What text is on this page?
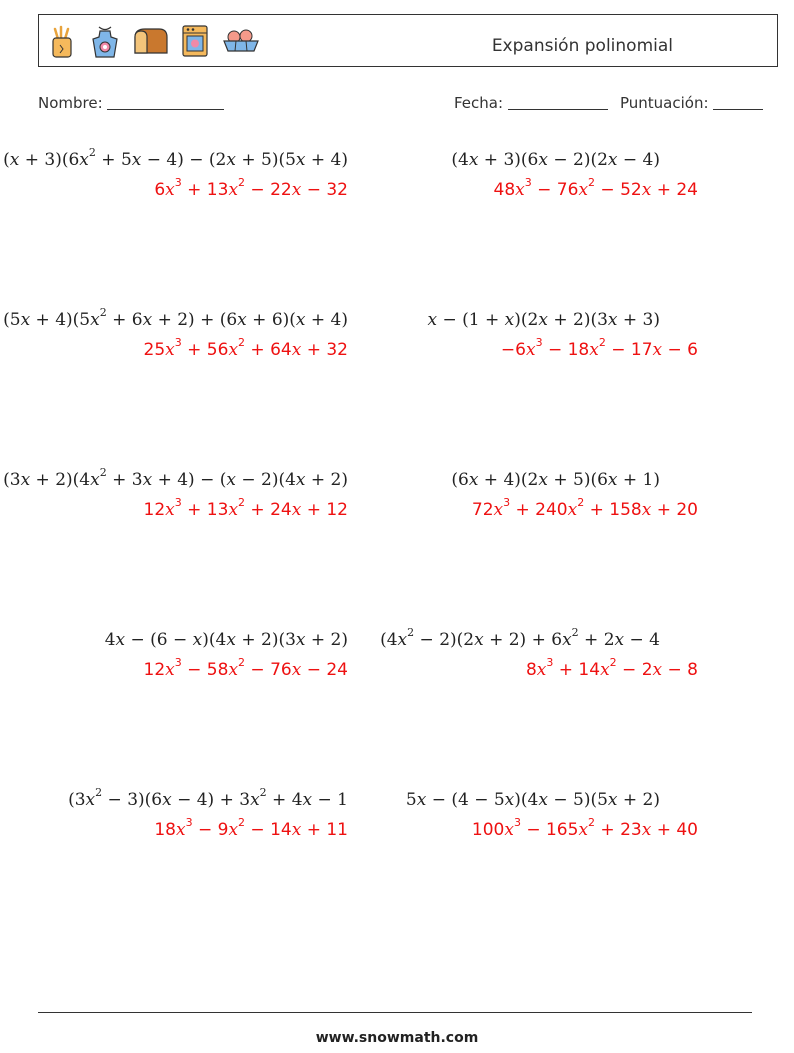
Expansión polinomial
Nombre:	Fecha:	Puntuación:
$(x + 3)(6x^2 + 5x - 4) - (2x + 5)(5x + 4)$
$6x^3 + 13x^2 - 22x - 32$
(4x + 3)(6x − 2)(2x − 4)
$48x^3 - 76x^2 - 52x + 24$
$(5x + 4)(5x^2 + 6x + 2) + (6x + 6)(x + 4)$
$25x^3 + 56x^2 + 64x + 32$
x − (1 + x)(2x + 2)(3x + 3)
$-6x^3 - 18x^2 - 17x - 6$
$(3x + 2)(4x^2 + 3x + 4) - (x - 2)(4x + 2)$
$12x^3 + 13x^2 + 24x + 12$
(6x + 4)(2x + 5)(6x + 1)
$72x^3 + 240x^2 + 158x + 20$
4x − (6 − x)(4x + 2)(3x + 2)
$12x^3 - 58x^2 - 76x - 24$
$(4x^2 - 2)(2x + 2) + 6x^2 + 2x - 4$
$8x^3 + 14x^2 - 2x - 8$
$(3x^2 - 3)(6x - 4) + 3x^2 + 4x - 1$
$18x^3 - 9x^2 - 14x + 11$
5x − (4 − 5x)(4x − 5)(5x + 2)
$100x^3 - 165x^2 + 23x + 40$
www.snowmath.com
